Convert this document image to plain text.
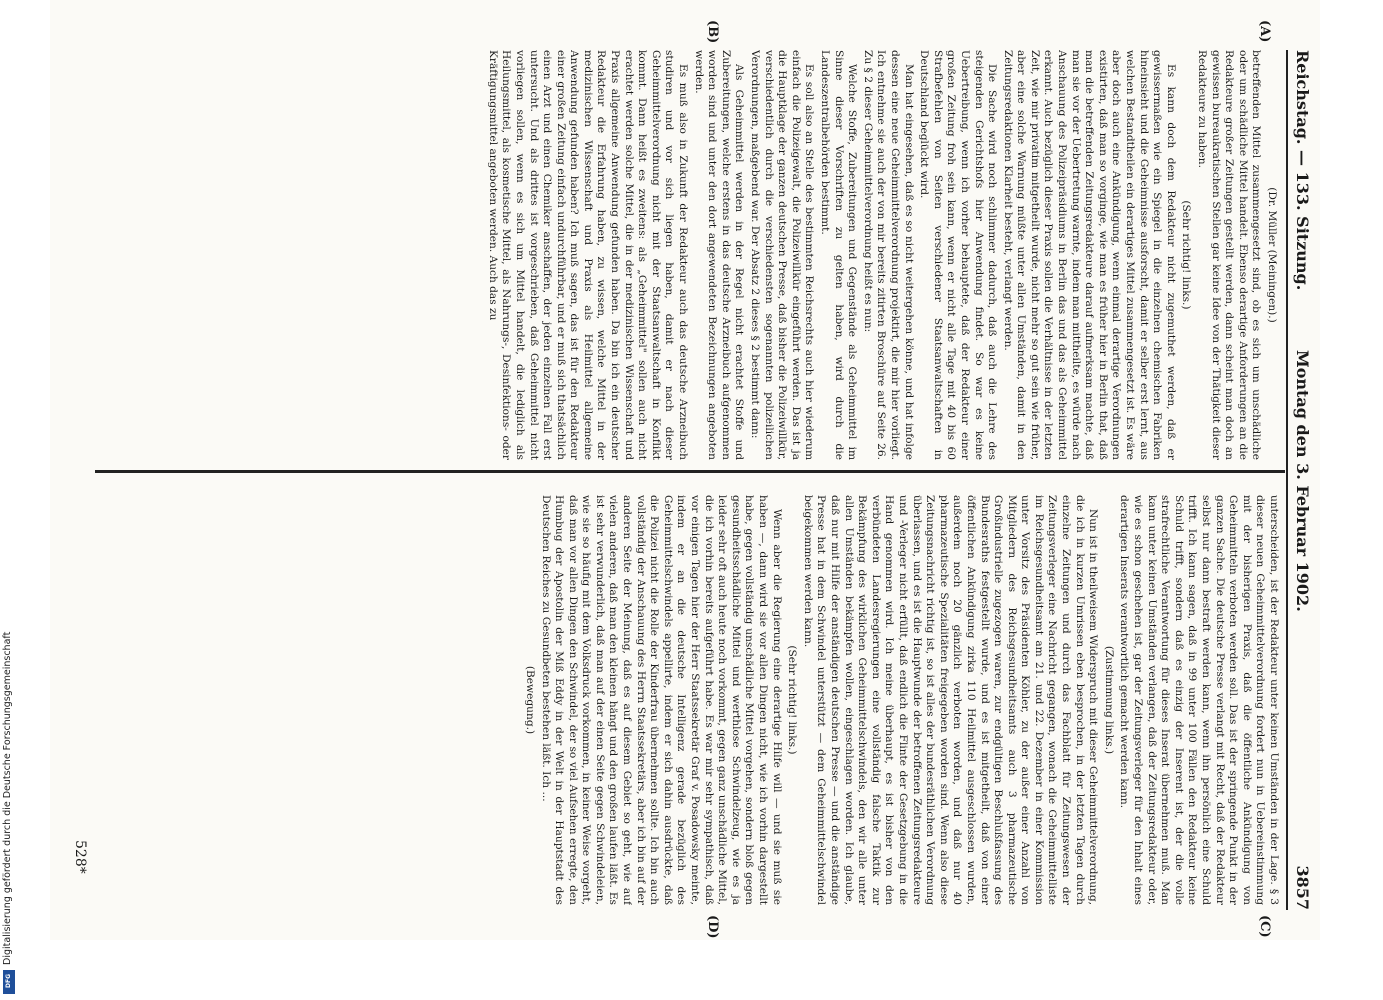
Reichstag. — 133. Sitzung.
Montag den 3. Februar 1902.
3857
(A)
(B)
(C)
(D)

(Dr. Müller (Meiningen).)

betreffenden Mittel zusammengesetzt sind, ob es sich um unschädliche oder um schädliche Mittel handelt. Ebenso derartige Anforderungen an die Redakteure großer Zeitungen gestellt werden, dann scheint man doch an gewissen bureaukratischen Stellen gar keine Idee von der Thätigkeit dieser Redakteure zu haben.

(Sehr richtig! links.)

Es kann doch dem Redakteur nicht zugemuthet werden, daß er gewissermaßen wie ein Spiegel in die einzelnen chemischen Fabriken hineinsieht und die Geheimnisse ausforscht, damit er selber erst lernt, aus welchen Bestandtheilen ein derartiges Mittel zusammengesetzt ist. Es wäre aber doch auch eine Ankündigung, wenn einmal derartige Verordnungen existirten, daß man so vorginge, wie man es früher hier in Berlin that, daß man die betreffenden Zeitungsredakteure darauf aufmerksam machte, daß man sie vor der Uebertretung warnte, indem man mittheilte, es würde nach Anschauung des Polizeipräsidiums in Berlin das und das als Geheimmittel erkannt. Auch bezüglich dieser Praxis sollen die Verhältnisse in der letzten Zeit, wie mir privatim mitgetheilt wurde, nicht mehr so gut sein wie früher, aber eine solche Warnung müßte unter allen Umständen, damit in den Zeitungsredaktionen Klarheit besteht, verlangt werden.

Die Sache wird noch schlimmer dadurch, daß auch die Lehre des steigenden Gerichtshofs hier Anwendung findet. So war es keine Uebertreibung, wenn ich vorher behauptete, daß der Redakteur einer großen Zeitung froh sein kann, wenn er nicht alle Tage mit 40 bis 60 Strafbefehlen von Seiten verschiedener Staatsanwaltschaften in Deutschland beglückt wird.

Man hat eingesehen, daß es so nicht weitergehen könne, und hat infolge dessen eine neue Geheimmittelverordnung projektirt, die mir hier vorliegt. Ich entnehme sie auch der von mir bereits zitirten Broschüre auf Seite 26. Zu § 2 dieser Geheimmittelverordnung heißt es nun:

Welche Stoffe, Zubereitungen und Gegenstände als Geheimmittel im Sinne dieser Vorschriften zu gelten haben, wird durch die Landeszentralbehörden bestimmt.

Es soll also an Stelle des bestimmten Reichsrechts auch hier wiederum einfach die Polizeigewalt, die Polizeiwillkür eingeführt werden. Das ist ja die Hauptklage der ganzen deutschen Presse, daß bisher die Polizeiwillkür, verschiedentlich durch die verschiedensten sogenannten polizeilichen Verordnungen, maßgebend war. Der Absatz 2 dieses § 2 bestimmt dann:

Als Geheimmittel werden in der Regel nicht erachtet Stoffe und Zubereitungen, welche erstens in das deutsche Arzneibuch aufgenommen worden sind und unter den dort angewendeten Bezeichnungen angeboten werden.

Es muß also in Zukunft der Redakteur auch das deutsche Arzneibuch studiren und vor sich liegen haben, damit er nach dieser Geheimmittelverordnung nicht mit der Staatsanwaltschaft in Konflikt kommt. Dann heißt es zweitens: als „Geheimmittel" sollen auch nicht erachtet werden solche Mittel, die in der medizinischen Wissenschaft und Praxis allgemeine Anwendung gefunden haben. Da bin ich ein deutscher Redakteur die Erfahrung haben, zu wissen, welche Mittel in der medizinischen Wissenschaft und Praxis als Heilmittel allgemeine Anwendung gefunden haben? Ich muß sagen, das ist für den Redakteur einer großen Zeitung einfach undurchführbar, und er muß sich thatsächlich einen Arzt und einen Chemiker anschaffen, der jeden einzelnen Fall erst untersucht. Und als drittes ist vorgeschrieben, daß Geheimmittel nicht vorliegen sollen, wenn es sich um Mittel handelt, die lediglich als Heilungsmittel, als kosmetische Mittel, als Nahrungs-, Desinfektions- oder Kräftigungsmittel angeboten werden. Auch das zu

unterscheiden, ist der Redakteur unter keinen Umständen in der Lage. § 3 dieser neuen Geheimmittelverordnung fordert nun in Uebereinstimmung mit der bisherigen Praxis, daß die öffentliche Ankündigung von Geheimmitteln verboten werden soll. Das ist der springende Punkt in der ganzen Sache. Die deutsche Presse verlangt mit Recht, daß der Redakteur selbst nur dann bestraft werden kann, wenn ihn persönlich eine Schuld trifft. Ich kann sagen, daß in 99 unter 100 Fällen den Redakteur keine Schuld trifft, sondern daß es einzig der Inserent ist, der die volle strafrechtliche Verantwortung für dieses Inserat übernehmen muß. Man kann unter keinen Umständen verlangen, daß der Zeitungsredakteur oder, wie es schon geschehen ist, gar der Zeitungsverleger für den Inhalt eines derartigen Inserats verantwortlich gemacht werden kann.

(Zustimmung links.)

Nun ist in theilweisem Widerspruch mit dieser Geheimmittelverordnung, die ich in kurzen Umrissen eben besprochen, in der letzten Tagen durch einzelne Zeitungen und durch das Fachblatt für Zeitungswesen der Zeitungsverleger eine Nachricht gegangen, wonach die Geheimmittelliste im Reichsgesundheitsamt am 21. und 22. Dezember in einer Kommission unter Vorsitz des Präsidenten Köhler, zu der außer einer Anzahl von Mitgliedern des Reichsgesundheitsamts auch 3 pharmazeutische Großindustrielle zugezogen waren, zur endgültigen Beschlußfassung des Bundesraths festgestellt wurde, und es ist mitgetheilt, daß von einer öffentlichen Ankündigung zirka 110 Heilmittel ausgeschlossen wurden, außerdem noch 20 gänzlich verboten worden, und daß nur 40 pharmazeutische Spezialitäten freigegeben worden sind. Wenn also diese Zeitungsnachricht richtig ist, so ist alles der bundesräthlichen Verordnung überlassen, und es ist die Hauptwunde der betroffenen Zeitungsredakteure und -Verleger nicht erfüllt, daß endlich die Flinte der Gesetzgebung in die Hand genommen wird. Ich meine überhaupt, es ist bisher von den verbündeten Landesregierungen eine vollständig falsche Taktik zur Bekämpfung des wirklichen Geheimmittelschwindels, den wir alle unter allen Umständen bekämpfen wollen, eingeschlagen worden. Ich glaube, daß nur mit Hilfe der anständigen deutschen Presse — und die anständige Presse hat in dem Schwindel unterstützt — dem Geheimmittelschwindel beigekommen werden kann.

(Sehr richtig! links.)

Wenn aber die Regierung eine derartige Hilfe will — und sie muß sie haben —, dann wird sie vor allen Dingen nicht, wie ich vorhin dargestellt habe, gegen vollständig unschädliche Mittel vorgehen, sondern bloß gegen gesundheitsschädliche Mittel und werthlose Schwindelzeug, wie es ja leider sehr oft auch heute noch vorkommt, gegen ganz unschädliche Mittel, die ich vorhin bereits aufgeführt habe. Es war mir sehr sympathisch, daß vor einigen Tagen hier der Herr Staatssekretär Graf v. Posadowsky meinte, indem er an die deutsche Intelligenz gerade bezüglich des Geheimmittelschwindels appellirte, indem er sich dahin ausdrückte, daß die Polizei nicht die Rolle der Kinderfrau übernehmen sollte. Ich bin auch vollständig der Anschauung des Herrn Staatssekretärs, aber ich bin auf der anderen Seite der Meinung, daß es auf diesem Gebiet so geht, wie auf vielen anderen, daß man den kleinen hängt und den großen laufen läßt. Es ist sehr verwunderlich, daß man auf der einen Seite gegen Schwindeleien, wie sie so häufig mit dem Volksdruck vorkommen, in keiner Weise vorgeht, daß man vor allen Dingen den Schwindel, der so viel Aufsehen erregte, den Humbug der Apostolin der Miß Eddy in der Welt in der Hauptstadt des Deutschen Reiches zu Gesundbeten bestehen läßt. Ich ...

(Bewegung.)

528*
Digitalisierung gefördert durch die Deutsche Forschungsgemeinschaft
DFG
